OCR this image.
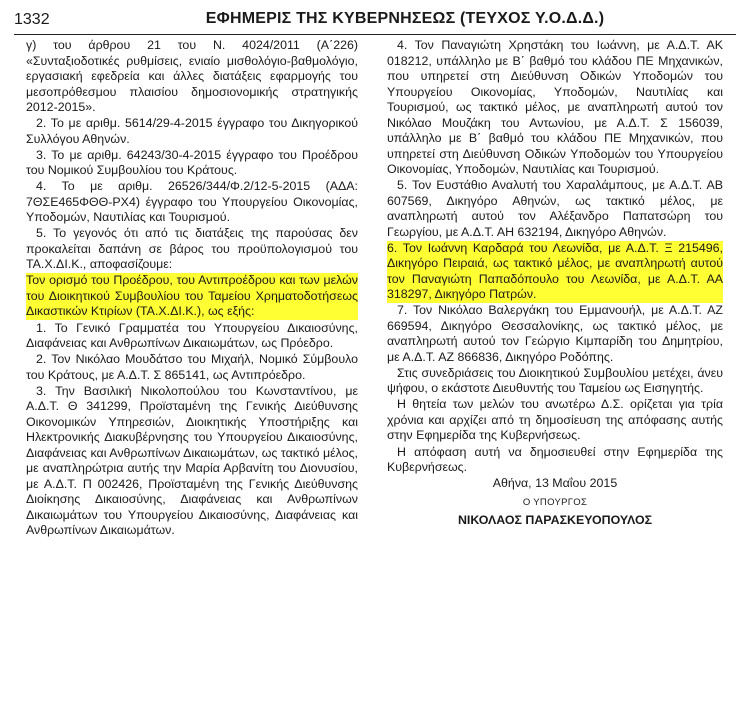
1332	ΕΦΗΜΕΡΙΣ ΤΗΣ ΚΥΒΕΡΝΗΣΕΩΣ (ΤΕΥΧΟΣ Υ.Ο.Δ.Δ.)

γ) του άρθρου 21 του Ν. 4024/2011 (Α΄226) «Συνταξιοδοτικές ρυθμίσεις, ενιαίο μισθολόγιο-βαθμολόγιο, εργασιακή εφεδρεία και άλλες διατάξεις εφαρμογής του μεσοπρόθεσμου πλαισίου δημοσιονομικής στρατηγικής 2012-2015».

2. Το με αριθμ. 5614/29-4-2015 έγγραφο του Δικηγορικού Συλλόγου Αθηνών.

3. Το με αριθμ. 64243/30-4-2015 έγγραφο του Προέδρου του Νομικού Συμβουλίου του Κράτους.

4. Το με αριθμ. 26526/344/Φ.2/12-5-2015 (ΑΔΑ: 7ΘΣΕ465ΦΘΘ-ΡΧ4) έγγραφο του Υπουργείου Οικονομίας, Υποδομών, Ναυτιλίας και Τουρισμού.

5. Το γεγονός ότι από τις διατάξεις της παρούσας δεν προκαλείται δαπάνη σε βάρος του προϋπολογισμού του ΤΑ.Χ.ΔΙ.Κ., αποφασίζουμε:

Τον ορισμό του Προέδρου, του Αντιπροέδρου και των μελών του Διοικητικού Συμβουλίου του Ταμείου Χρηματοδοτήσεως Δικαστικών Κτιρίων (ΤΑ.Χ.ΔΙ.Κ.), ως εξής:

1. Το Γενικό Γραμματέα του Υπουργείου Δικαιοσύνης, Διαφάνειας και Ανθρωπίνων Δικαιωμάτων, ως Πρόεδρο.

2. Τον Νικόλαο Μουδάτσο του Μιχαήλ, Νομικό Σύμβουλο του Κράτους, με Α.Δ.Τ. Σ 865141, ως Αντιπρόεδρο.

3. Την Βασιλική Νικολοπούλου του Κωνσταντίνου, με Α.Δ.Τ. Θ 341299, Προϊσταμένη της Γενικής Διεύθυνσης Οικονομικών Υπηρεσιών, Διοικητικής Υποστήριξης και Ηλεκτρονικής Διακυβέρνησης του Υπουργείου Δικαιοσύνης, Διαφάνειας και Ανθρωπίνων Δικαιωμάτων, ως τακτικό μέλος, με αναπληρώτρια αυτής την Μαρία Αρβανίτη του Διονυσίου, με Α.Δ.Τ. Π 002426, Προϊσταμένη της Γενικής Διεύθυνσης Διοίκησης Δικαιοσύνης, Διαφάνειας και Ανθρωπίνων Δικαιωμάτων του Υπουργείου Δικαιοσύνης, Διαφάνειας και Ανθρωπίνων Δικαιωμάτων.

4. Τον Παναγιώτη Χρηστάκη του Ιωάννη, με Α.Δ.Τ. ΑΚ 018212, υπάλληλο με Β΄ βαθμό του κλάδου ΠΕ Μηχανικών, που υπηρετεί στη Διεύθυνση Οδικών Υποδομών του Υπουργείου Οικονομίας, Υποδομών, Ναυτιλίας και Τουρισμού, ως τακτικό μέλος, με αναπληρωτή αυτού τον Νικόλαο Μουζάκη του Αντωνίου, με Α.Δ.Τ. Σ 156039, υπάλληλο με Β΄ βαθμό του κλάδου ΠΕ Μηχανικών, που υπηρετεί στη Διεύθυνση Οδικών Υποδομών του Υπουργείου Οικονομίας, Υποδομών, Ναυτιλίας και Τουρισμού.

5. Τον Ευστάθιο Αναλυτή του Χαραλάμπους, με Α.Δ.Τ. ΑΒ 607569, Δικηγόρο Αθηνών, ως τακτικό μέλος, με αναπληρωτή αυτού τον Αλέξανδρο Παπατσώρη του Γεωργίου, με Α.Δ.Τ. ΑΗ 632194, Δικηγόρο Αθηνών.

6. Τον Ιωάννη Καρδαρά του Λεωνίδα, με Α.Δ.Τ. Ξ 215496, Δικηγόρο Πειραιά, ως τακτικό μέλος, με αναπληρωτή αυτού τον Παναγιώτη Παπαδόπουλο του Λεωνίδα, με Α.Δ.Τ. ΑΑ 318297, Δικηγόρο Πατρών.

7. Τον Νικόλαο Βαλεργάκη του Εμμανουήλ, με Α.Δ.Τ. ΑΖ 669594, Δικηγόρο Θεσσαλονίκης, ως τακτικό μέλος, με αναπληρωτή αυτού τον Γεώργιο Κιμπαρίδη του Δημητρίου, με Α.Δ.Τ. ΑΖ 866836, Δικηγόρο Ροδόπης.

Στις συνεδριάσεις του Διοικητικού Συμβουλίου μετέχει, άνευ ψήφου, ο εκάστοτε Διευθυντής του Ταμείου ως Εισηγητής.

Η θητεία των μελών του ανωτέρω Δ.Σ. ορίζεται για τρία χρόνια και αρχίζει από τη δημοσίευση της απόφασης αυτής στην Εφημερίδα της Κυβερνήσεως.

Η απόφαση αυτή να δημοσιευθεί στην Εφημερίδα της Κυβερνήσεως.

Αθήνα, 13 Μαΐου 2015
Ο ΥΠΟΥΡΓΟΣ
ΝΙΚΟΛΑΟΣ ΠΑΡΑΣΚΕΥΟΠΟΥΛΟΣ
